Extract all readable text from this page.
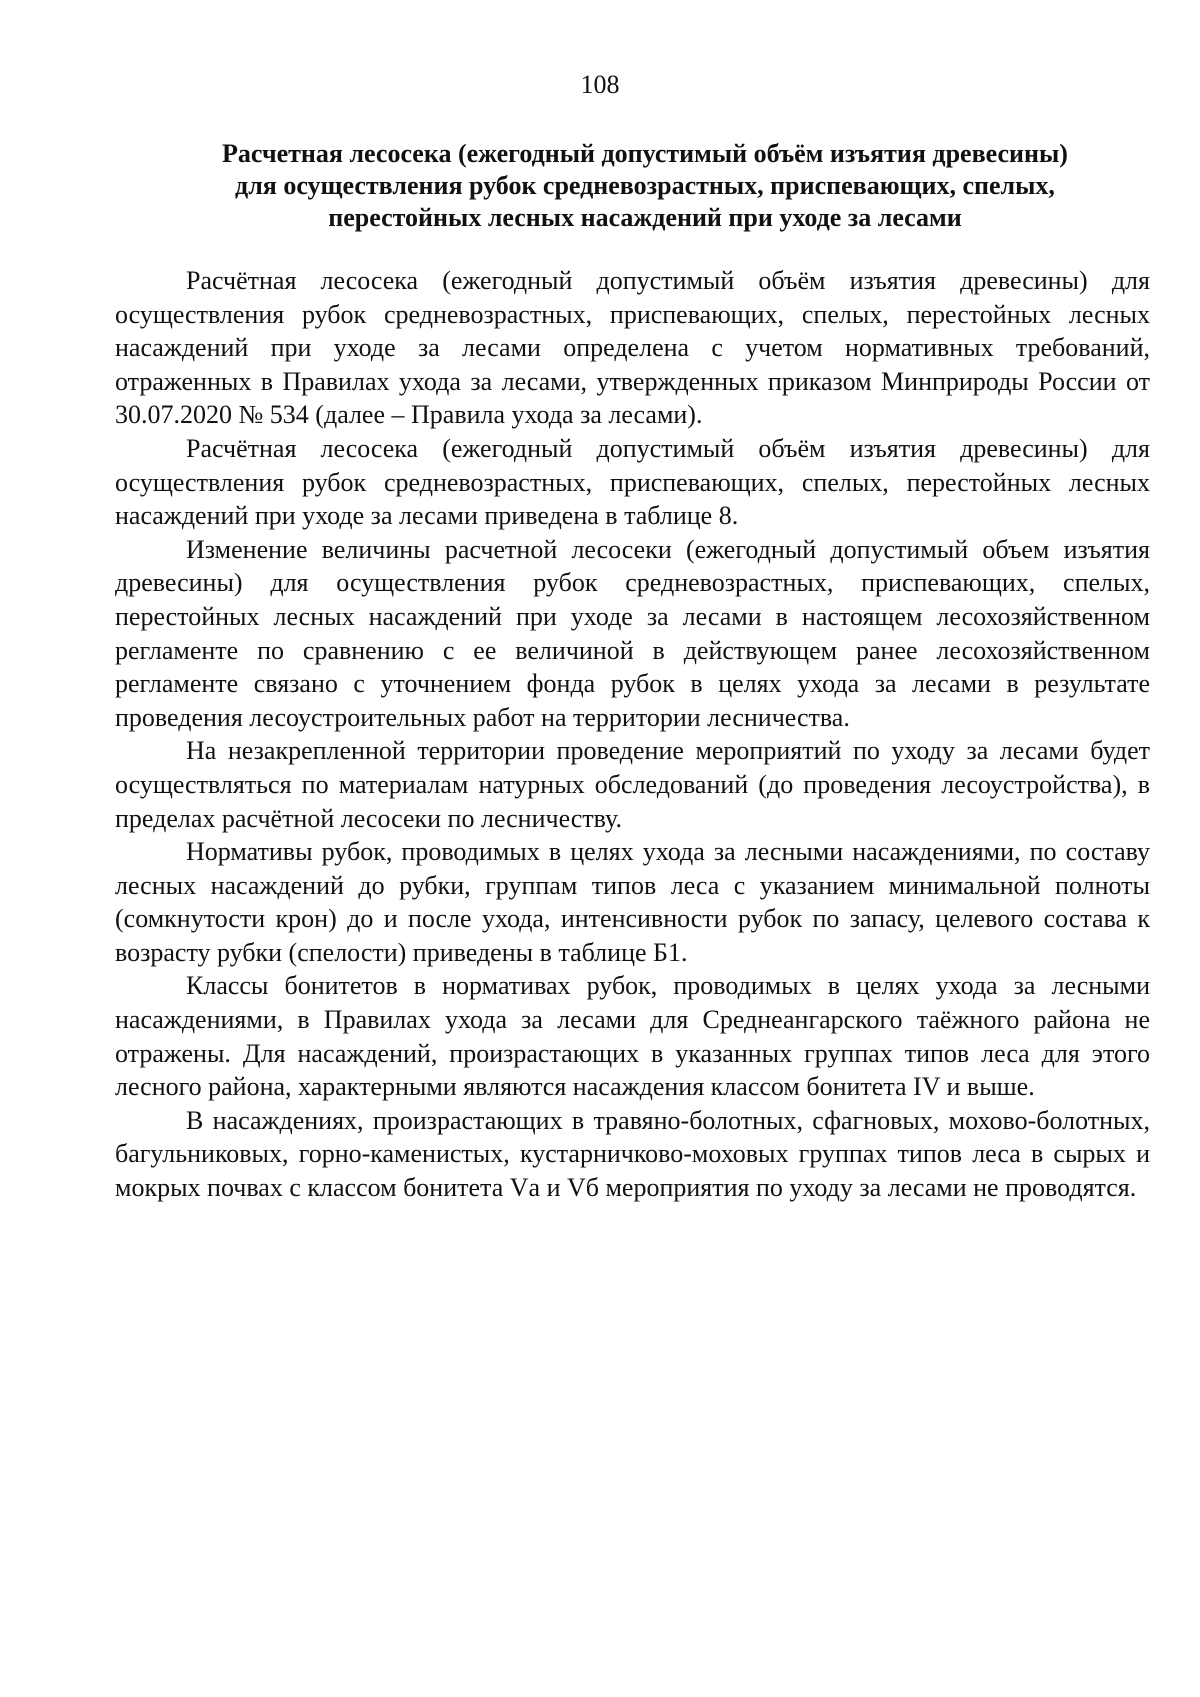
108
Расчетная лесосека (ежегодный допустимый объём изъятия древесины)
для осуществления рубок средневозрастных, приспевающих, спелых,
перестойных лесных насаждений при уходе за лесами

Расчётная лесосека (ежегодный допустимый объём изъятия древесины) для осуществления рубок средневозрастных, приспевающих, спелых, перестойных лесных насаждений при уходе за лесами определена с учетом нормативных требований, отраженных в Правилах ухода за лесами, утвержденных приказом Минприроды России от 30.07.2020 № 534 (далее – Правила ухода за лесами).

Расчётная лесосека (ежегодный допустимый объём изъятия древесины) для осуществления рубок средневозрастных, приспевающих, спелых, перестойных лесных насаждений при уходе за лесами приведена в таблице 8.

Изменение величины расчетной лесосеки (ежегодный допустимый объем изъятия древесины) для осуществления рубок средневозрастных, приспевающих, спелых, перестойных лесных насаждений при уходе за лесами в настоящем лесохозяйственном регламенте по сравнению с ее величиной в действующем ранее лесохозяйственном регламенте связано с уточнением фонда рубок в целях ухода за лесами в результате проведения лесоустроительных работ на территории лесничества.

На незакрепленной территории проведение мероприятий по уходу за лесами будет осуществляться по материалам натурных обследований (до проведения лесоустройства), в пределах расчётной лесосеки по лесничеству.

Нормативы рубок, проводимых в целях ухода за лесными насаждениями, по составу лесных насаждений до рубки, группам типов леса с указанием минимальной полноты (сомкнутости крон) до и после ухода, интенсивности рубок по запасу, целевого состава к возрасту рубки (спелости) приведены в таблице Б1.

Классы бонитетов в нормативах рубок, проводимых в целях ухода за лесными насаждениями, в Правилах ухода за лесами для Среднеангарского таёжного района не отражены. Для насаждений, произрастающих в указанных группах типов леса для этого лесного района, характерными являются насаждения классом бонитета IV и выше.

В насаждениях, произрастающих в травяно-болотных, сфагновых, мохово-болотных, багульниковых, горно-каменистых, кустарничково-моховых группах типов леса в сырых и мокрых почвах с классом бонитета Vа и Vб мероприятия по уходу за лесами не проводятся.
